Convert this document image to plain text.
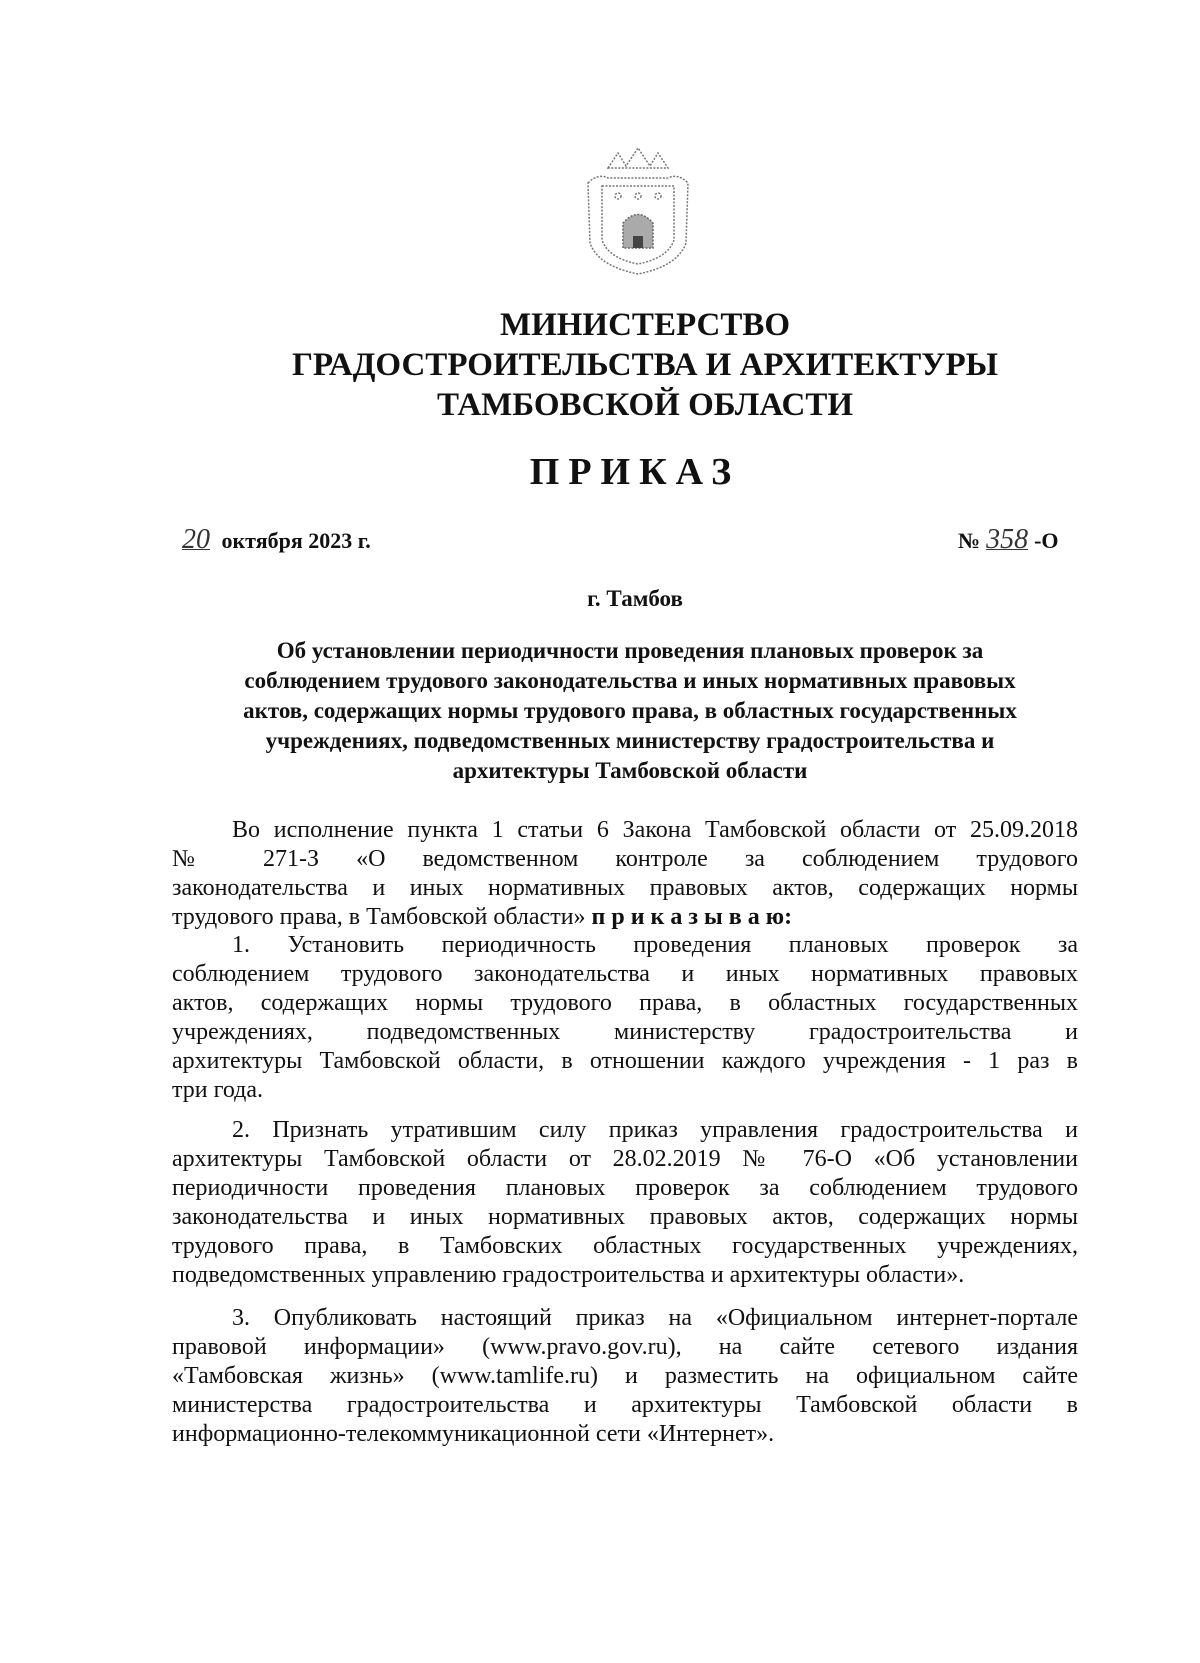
МИНИСТЕРСТВО
ГРАДОСТРОИТЕЛЬСТВА И АРХИТЕКТУРЫ
ТАМБОВСКОЙ ОБЛАСТИ
ПРИКАЗ
20 октября 2023 г.	№ 358 -О
г. Тамбов
Об установлении периодичности проведения плановых проверок за
соблюдением трудового законодательства и иных нормативных правовых
актов, содержащих нормы трудового права, в областных государственных
учреждениях, подведомственных министерству градостроительства и
архитектуры Тамбовской области
Во исполнение пункта 1 статьи 6 Закона Тамбовской области от 25.09.2018
№ 271-З «О ведомственном контроле за соблюдением трудового
законодательства и иных нормативных правовых актов, содержащих нормы
трудового права, в Тамбовской области» п р и к а з ы в а ю:
1. Установить периодичность проведения плановых проверок за
соблюдением трудового законодательства и иных нормативных правовых
актов, содержащих нормы трудового права, в областных государственных
учреждениях, подведомственных министерству градостроительства и
архитектуры Тамбовской области, в отношении каждого учреждения - 1 раз в
три года.
2. Признать утратившим силу приказ управления градостроительства и
архитектуры Тамбовской области от 28.02.2019 № 76-О «Об установлении
периодичности проведения плановых проверок за соблюдением трудового
законодательства и иных нормативных правовых актов, содержащих нормы
трудового права, в Тамбовских областных государственных учреждениях,
подведомственных управлению градостроительства и архитектуры области».
3. Опубликовать настоящий приказ на «Официальном интернет-портале
правовой информации» (www.pravo.gov.ru), на сайте сетевого издания
«Тамбовская жизнь» (www.tamlife.ru) и разместить на официальном сайте
министерства градостроительства и архитектуры Тамбовской области в
информационно-телекоммуникационной сети «Интернет».
